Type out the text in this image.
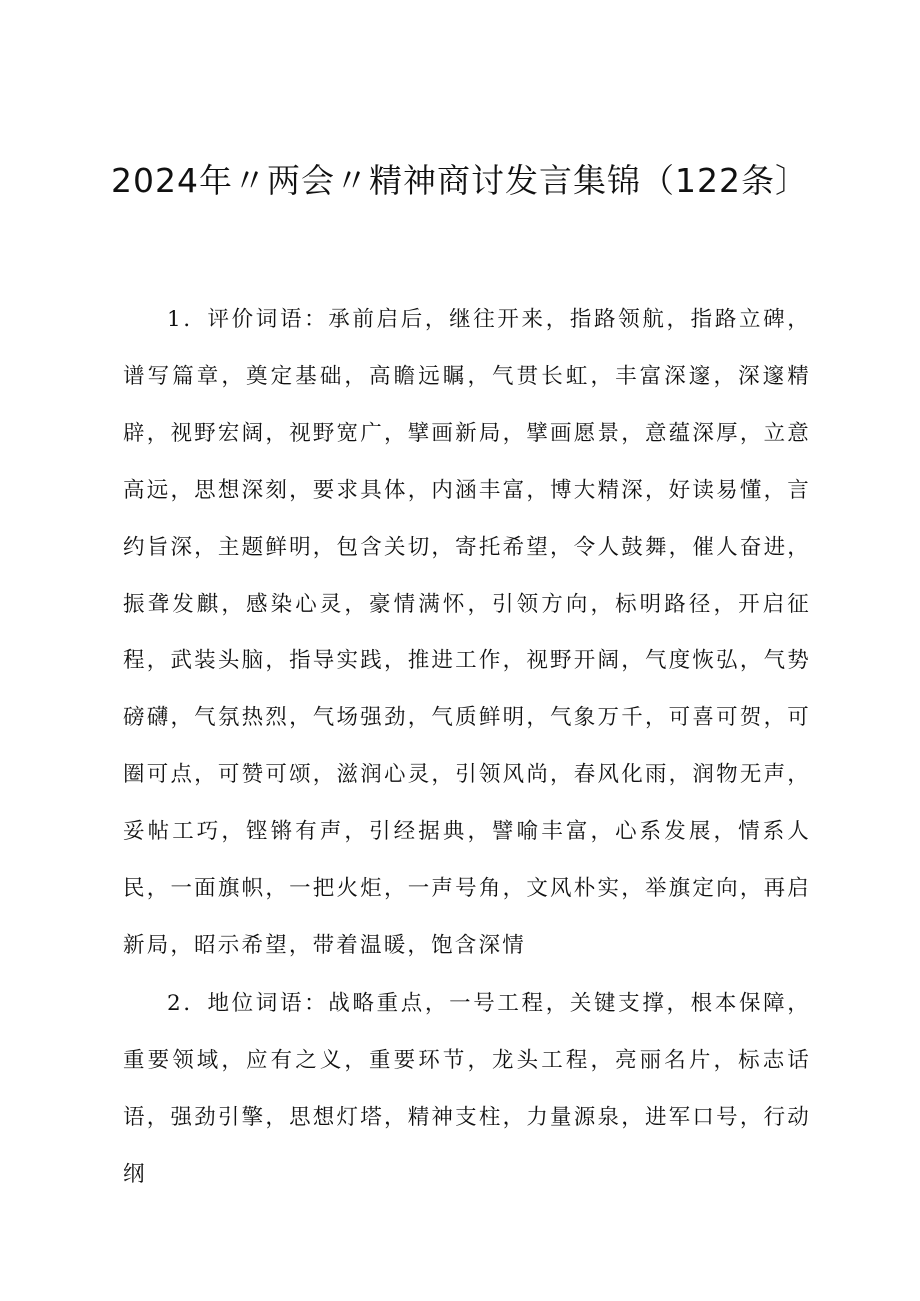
2024年〃两会〃精神商讨发言集锦（122条〕

1．评价词语：承前启后，继往开来，指路领航，指路立碑，谱写篇章，奠定基础，高瞻远瞩，气贯长虹，丰富深邃，深邃精辟，视野宏阔，视野宽广，擘画新局，擘画愿景，意蕴深厚，立意高远，思想深刻，要求具体，内涵丰富，博大精深，好读易懂，言约旨深，主题鲜明，包含关切，寄托希望，令人鼓舞，催人奋进，振聋发麒，感染心灵，豪情满怀，引领方向，标明路径，开启征程，武装头脑，指导实践，推进工作，视野开阔，气度恢弘，气势磅礴，气氛热烈，气场强劲，气质鲜明，气象万千，可喜可贺，可圈可点，可赞可颂，滋润心灵，引领风尚，春风化雨，润物无声，妥帖工巧，铿锵有声，引经据典，譬喻丰富，心系发展，情系人民，一面旗帜，一把火炬，一声号角，文风朴实，举旗定向，再启新局，昭示希望，带着温暖，饱含深情

2．地位词语：战略重点，一号工程，关键支撑，根本保障，重要领域，应有之义，重要环节，龙头工程，亮丽名片，标志话语，强劲引擎，思想灯塔，精神支柱，力量源泉，进军口号，行动纲
